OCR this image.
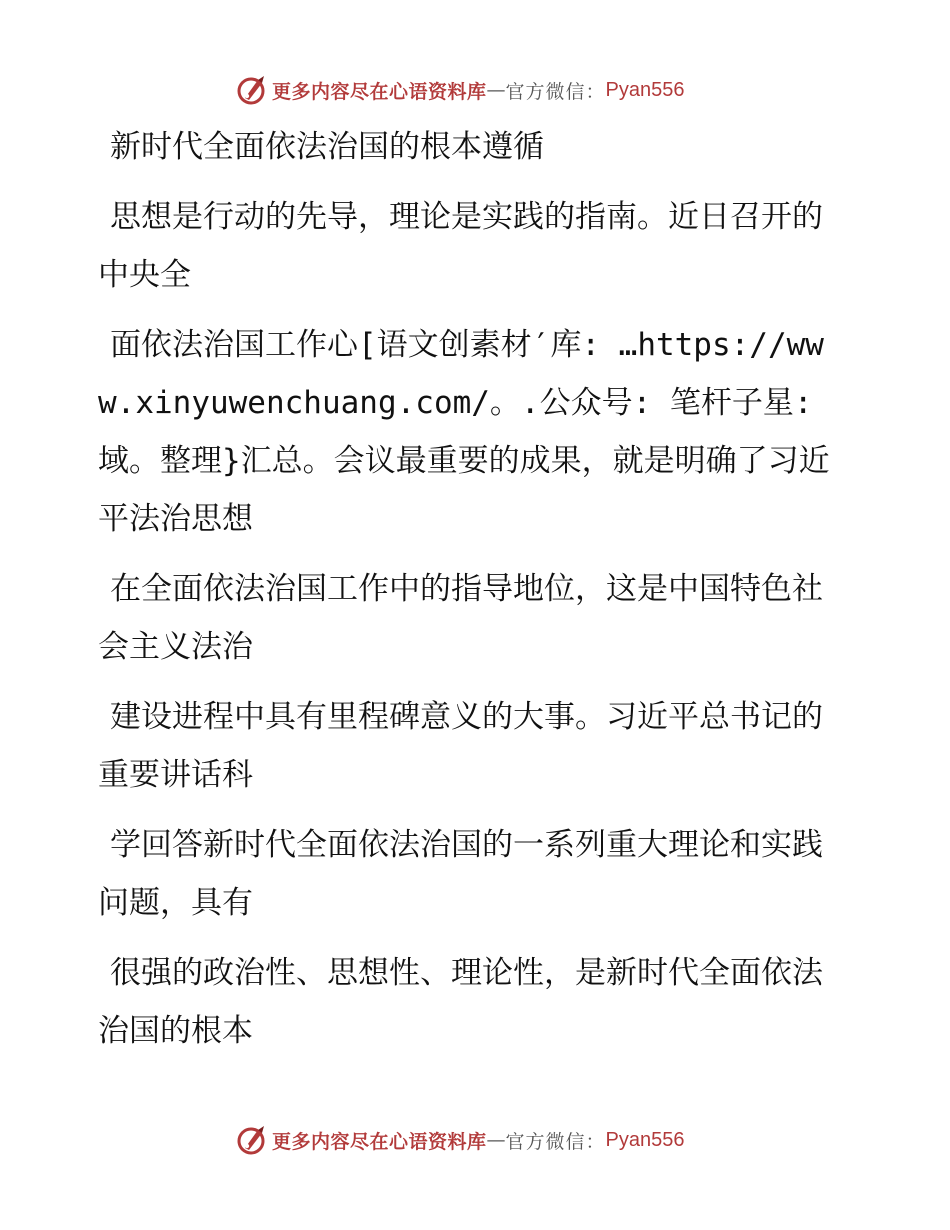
更多内容尽在心语资料库 — 官方微信： Pyan556

新时代全面依法治国的根本遵循

思想是行动的先导，理论是实践的指南。近日召开的中央全

面依法治国工作心[语文创素材′库: …https://www.xinyuwenchuang.com/。.公众号: 笔杆子星:域。整理}汇总。会议最重要的成果，就是明确了习近平法治思想

在全面依法治国工作中的指导地位，这是中国特色社会主义法治

建设进程中具有里程碑意义的大事。习近平总书记的重要讲话科

学回答新时代全面依法治国的一系列重大理论和实践问题，具有

很强的政治性、思想性、理论性，是新时代全面依法治国的根本

更多内容尽在心语资料库 — 官方微信： Pyan556
